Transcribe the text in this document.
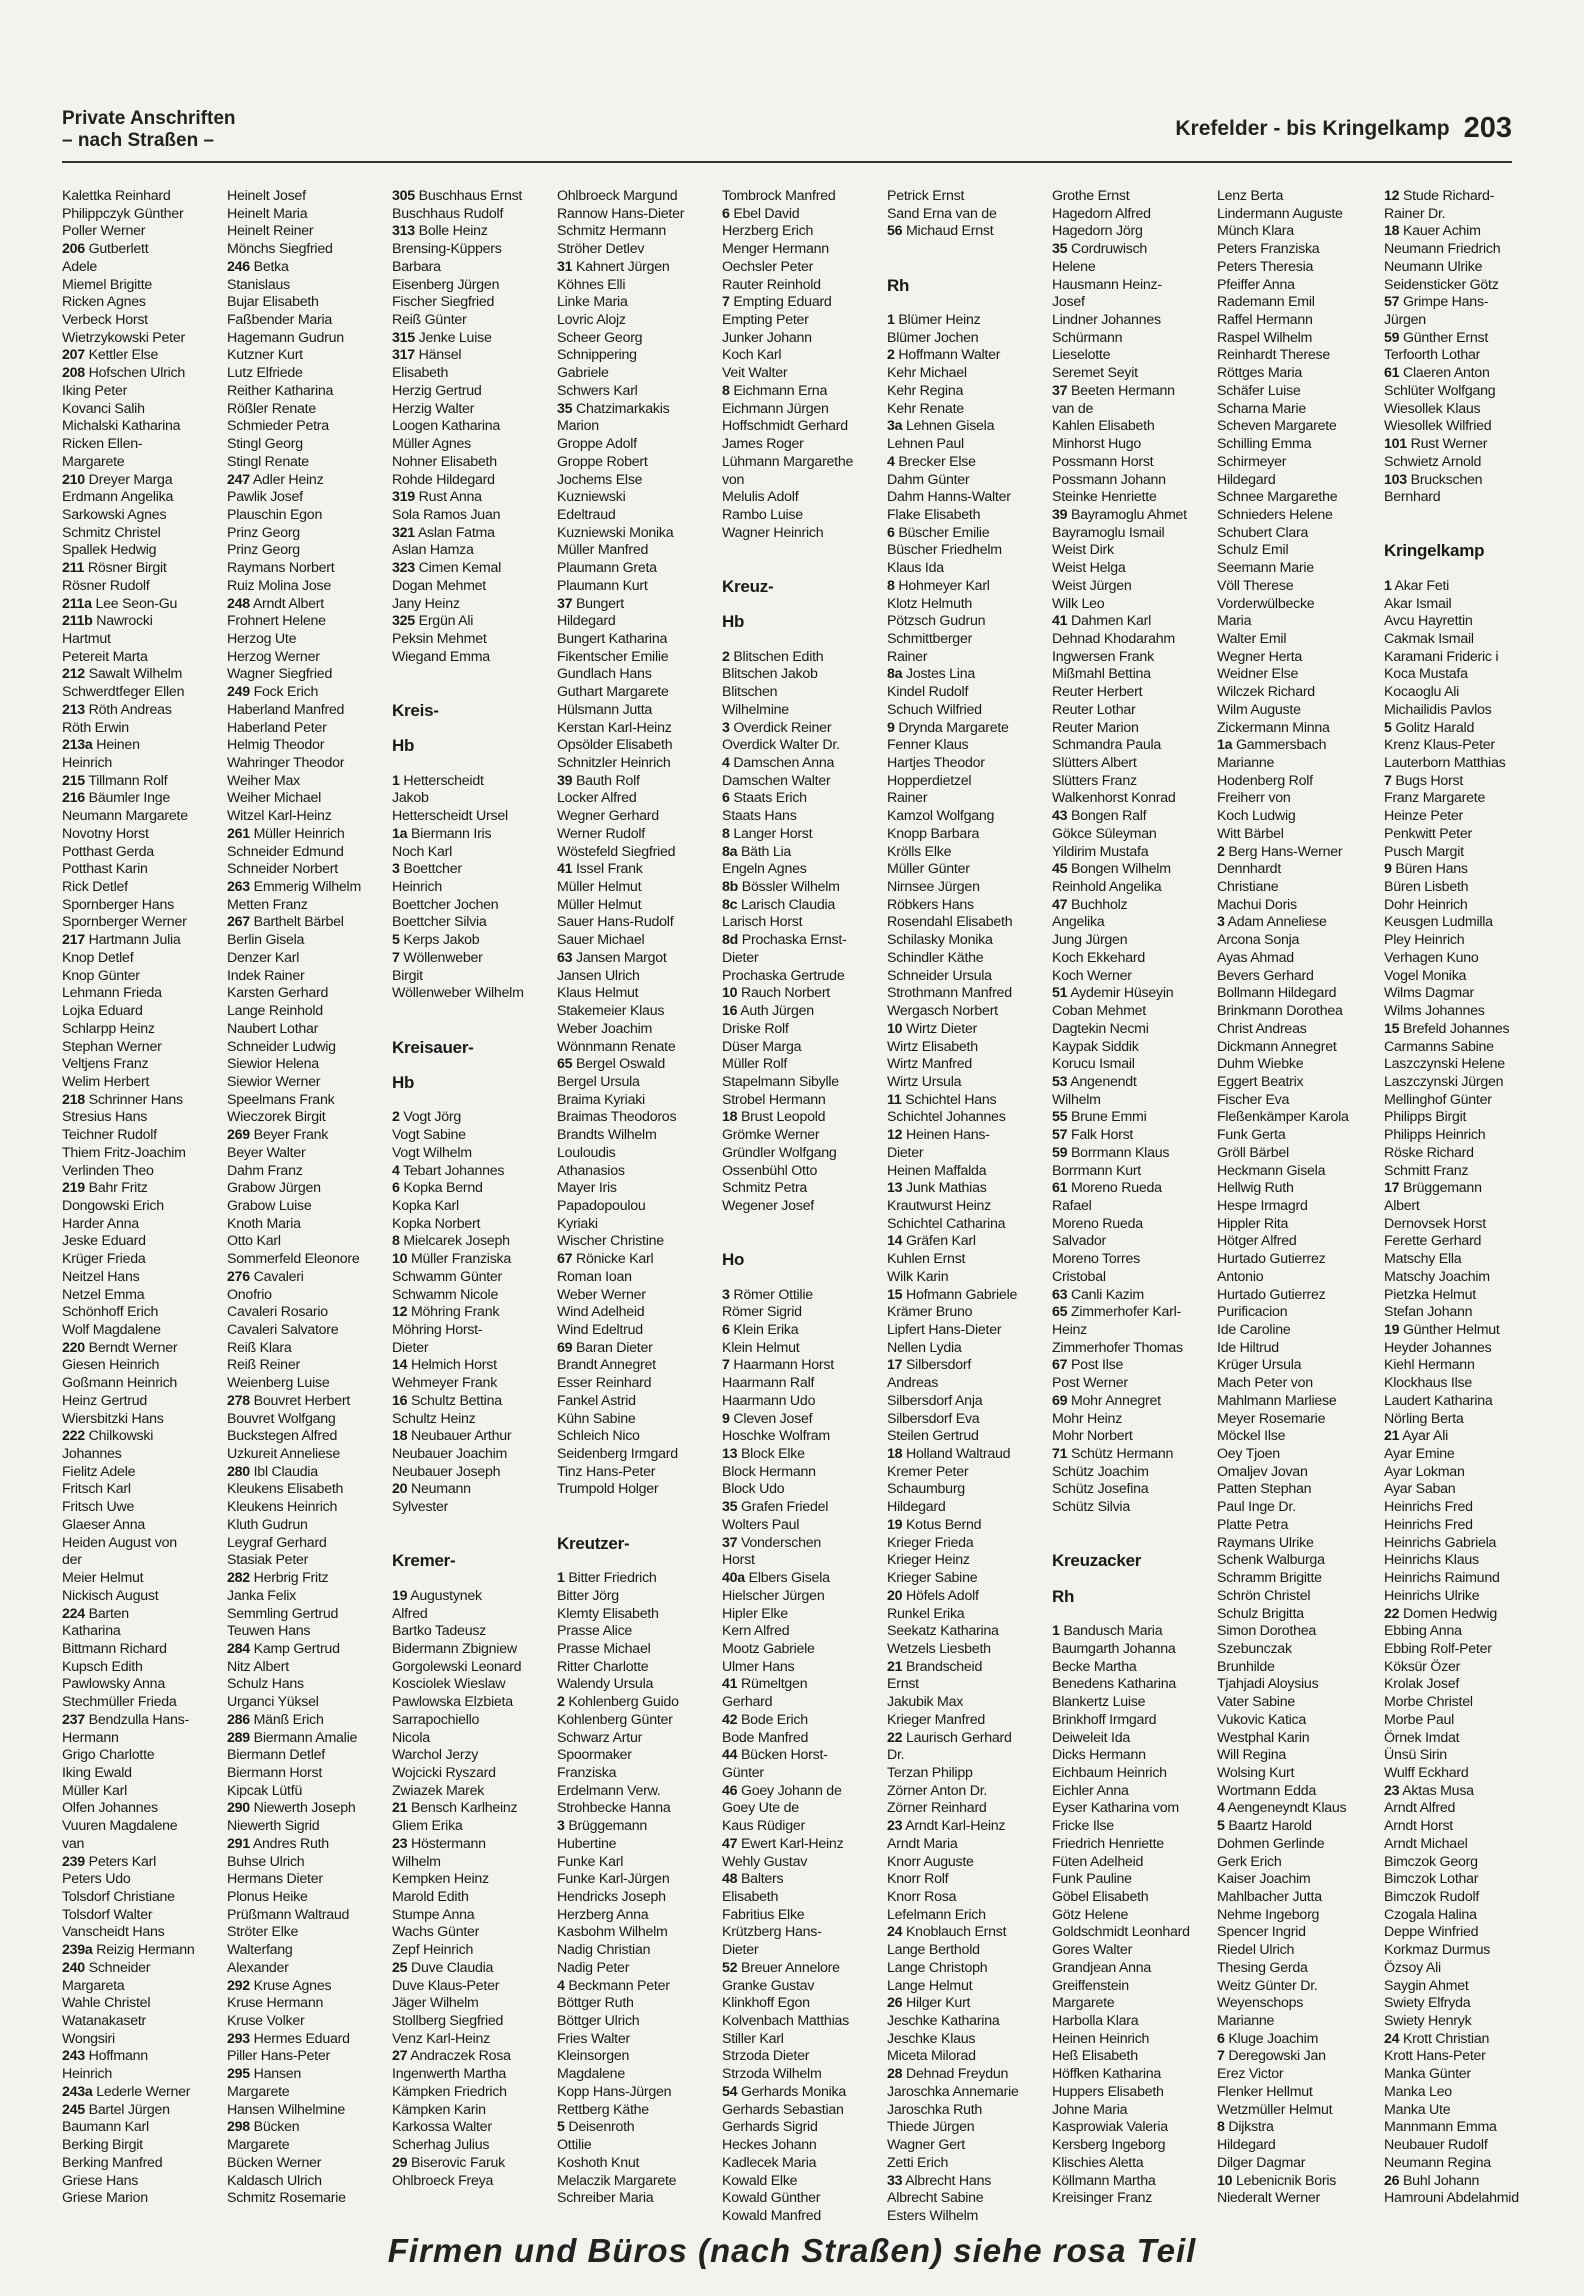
Private Anschriften
– nach Straßen –
Krefelder - bis Kringelkamp 203
Kalettka Reinhard
Philippczyk Günther
Poller Werner
206 Gutberlett
Adele
Miemel Brigitte
Ricken Agnes
Verbeck Horst
Wietrzykowski Peter
207 Kettler Else
208 Hofschen Ulrich
Iking Peter
Kovanci Salih
Michalski Katharina
Ricken Ellen-
Margarete
210 Dreyer Marga
Erdmann Angelika
Sarkowski Agnes
Schmitz Christel
Spallek Hedwig
211 Rösner Birgit
Rösner Rudolf
211a Lee Seon-Gu
211b Nawrocki
Hartmut
Petereit Marta
212 Sawalt Wilhelm
Schwerdtfeger Ellen
213 Röth Andreas
Röth Erwin
213a Heinen
Heinrich
215 Tillmann Rolf
216 Bäumler Inge
Neumann Margarete
Novotny Horst
Potthast Gerda
Potthast Karin
Rick Detlef
Spornberger Hans
Spornberger Werner
217 Hartmann Julia
Knop Detlef
Knop Günter
Lehmann Frieda
Lojka Eduard
Schlarpp Heinz
Stephan Werner
Veltjens Franz
Welim Herbert
218 Schrinner Hans
Stresius Hans
Teichner Rudolf
Thiem Fritz-Joachim
Verlinden Theo
219 Bahr Fritz
Dongowski Erich
Harder Anna
Jeske Eduard
Krüger Frieda
Neitzel Hans
Netzel Emma
Schönhoff Erich
Wolf Magdalene
220 Berndt Werner
Giesen Heinrich
Goßmann Heinrich
Heinz Gertrud
Wiersbitzki Hans
222 Chilkowski
Johannes
Fielitz Adele
Fritsch Karl
Fritsch Uwe
Glaeser Anna
Heiden August von
der
Meier Helmut
Nickisch August
224 Barten
Katharina
Bittmann Richard
Kupsch Edith
Pawlowsky Anna
Stechmüller Frieda
237 Bendzulla Hans-
Hermann
Grigo Charlotte
Iking Ewald
Müller Karl
Olfen Johannes
Vuuren Magdalene
van
239 Peters Karl
Peters Udo
Tolsdorf Christiane
Tolsdorf Walter
Vanscheidt Hans
239a Reizig Hermann
240 Schneider
Margareta
Wahle Christel
Watanakasetr
Wongsiri
243 Hoffmann
Heinrich
243a Lederle Werner
245 Bartel Jürgen
Baumann Karl
Berking Birgit
Berking Manfred
Griese Hans
Griese Marion
Heinelt Josef
Heinelt Maria
Heinelt Reiner
Mönchs Siegfried
246 Betka
Stanislaus
Bujar Elisabeth
Faßbender Maria
Hagemann Gudrun
Kutzner Kurt
Lutz Elfriede
Reither Katharina
Rößler Renate
Schmieder Petra
Stingl Georg
Stingl Renate
247 Adler Heinz
Pawlik Josef
Plauschin Egon
Prinz Georg
Prinz Georg
Raymans Norbert
Ruiz Molina Jose
248 Arndt Albert
Frohnert Helene
Herzog Ute
Herzog Werner
Wagner Siegfried
249 Fock Erich
Haberland Manfred
Haberland Peter
Helmig Theodor
Wahringer Theodor
Weiher Max
Weiher Michael
Witzel Karl-Heinz
261 Müller Heinrich
Schneider Edmund
Schneider Norbert
263 Emmerig Wilhelm
Metten Franz
267 Barthelt Bärbel
Berlin Gisela
Denzer Karl
Indek Rainer
Karsten Gerhard
Lange Reinhold
Naubert Lothar
Schneider Ludwig
Siewior Helena
Siewior Werner
Speelmans Frank
Wieczorek Birgit
269 Beyer Frank
Beyer Walter
Dahm Franz
Grabow Jürgen
Grabow Luise
Knoth Maria
Otto Karl
Sommerfeld Eleonore
276 Cavaleri
Onofrio
Cavaleri Rosario
Cavaleri Salvatore
Reiß Klara
Reiß Reiner
Weienberg Luise
278 Bouvret Herbert
Bouvret Wolfgang
Buckstegen Alfred
Uzkureit Anneliese
280 Ibl Claudia
Kleukens Elisabeth
Kleukens Heinrich
Kluth Gudrun
Leygraf Gerhard
Stasiak Peter
282 Herbrig Fritz
Janka Felix
Semmling Gertrud
Teuwen Hans
284 Kamp Gertrud
Nitz Albert
Schulz Hans
Urganci Yüksel
286 Mänß Erich
289 Biermann Amalie
Biermann Detlef
Biermann Horst
Kipcak Lütfü
290 Niewerth Joseph
Niewerth Sigrid
291 Andres Ruth
Buhse Ulrich
Hermans Dieter
Plonus Heike
Prüßmann Waltraud
Ströter Elke
Walterfang
Alexander
292 Kruse Agnes
Kruse Hermann
Kruse Volker
293 Hermes Eduard
Piller Hans-Peter
295 Hansen
Margarete
Hansen Wilhelmine
298 Bücken
Margarete
Bücken Werner
Kaldasch Ulrich
Schmitz Rosemarie
305 Buschhaus Ernst
Buschhaus Rudolf
313 Bolle Heinz
Brensing-Küppers
Barbara
Eisenberg Jürgen
Fischer Siegfried
Reiß Günter
315 Jenke Luise
317 Hänsel
Elisabeth
Herzig Gertrud
Herzig Walter
Loogen Katharina
Müller Agnes
Nohner Elisabeth
Rohde Hildegard
319 Rust Anna
Sola Ramos Juan
321 Aslan Fatma
Aslan Hamza
323 Cimen Kemal
Dogan Mehmet
Jany Heinz
325 Ergün Ali
Peksin Mehmet
Wiegand Emma
Kreis-
Hb
1 Hetterscheidt
Jakob
Hetterscheidt Ursel
1a Biermann Iris
Noch Karl
3 Boettcher
Heinrich
Boettcher Jochen
Boettcher Silvia
5 Kerps Jakob
7 Wöllenweber
Birgit
Wöllenweber Wilhelm
Kreisauer-
Hb
2 Vogt Jörg
Vogt Sabine
Vogt Wilhelm
4 Tebart Johannes
6 Kopka Bernd
Kopka Karl
Kopka Norbert
8 Mielcarek Joseph
10 Müller Franziska
Schwamm Günter
Schwamm Nicole
12 Möhring Frank
Möhring Horst-
Dieter
14 Helmich Horst
Wehmeyer Frank
16 Schultz Bettina
Schultz Heinz
18 Neubauer Arthur
Neubauer Joachim
Neubauer Joseph
20 Neumann
Sylvester
Kremer-
19 Augustynek
Alfred
Bartko Tadeusz
Bidermann Zbigniew
Gorgolewski Leonard
Kosciolek Wieslaw
Pawlowska Elzbieta
Sarrapochiello
Nicola
Warchol Jerzy
Wojcicki Ryszard
Zwiazek Marek
21 Bensch Karlheinz
Gliem Erika
23 Höstermann
Wilhelm
Kempken Heinz
Marold Edith
Stumpe Anna
Wachs Günter
Zepf Heinrich
25 Duve Claudia
Duve Klaus-Peter
Jäger Wilhelm
Stollberg Siegfried
Venz Karl-Heinz
27 Andraczek Rosa
Ingenwerth Martha
Kämpken Friedrich
Kämpken Karin
Karkossa Walter
Scherhag Julius
29 Biserovic Faruk
Ohlbroeck Freya
Ohlbroeck Margund
Rannow Hans-Dieter
Schmitz Hermann
Ströher Detlev
31 Kahnert Jürgen
Köhnes Elli
Linke Maria
Lovric Alojz
Scheer Georg
Schnippering
Gabriele
Schwers Karl
35 Chatzimarkakis
Marion
Groppe Adolf
Groppe Robert
Jochems Else
Kuzniewski
Edeltraud
Kuzniewski Monika
Müller Manfred
Plaumann Greta
Plaumann Kurt
37 Bungert
Hildegard
Bungert Katharina
Fikentscher Emilie
Gundlach Hans
Guthart Margarete
Hülsmann Jutta
Kerstan Karl-Heinz
Opsölder Elisabeth
Schnitzler Heinrich
39 Bauth Rolf
Locker Alfred
Wegner Gerhard
Werner Rudolf
Wöstefeld Siegfried
41 Issel Frank
Müller Helmut
Müller Helmut
Sauer Hans-Rudolf
Sauer Michael
63 Jansen Margot
Jansen Ulrich
Klaus Helmut
Stakemeier Klaus
Weber Joachim
Wönnmann Renate
65 Bergel Oswald
Bergel Ursula
Braima Kyriaki
Braimas Theodoros
Brandts Wilhelm
Louloudis
Athanasios
Mayer Iris
Papadopoulou
Kyriaki
Wischer Christine
67 Rönicke Karl
Roman Ioan
Weber Werner
Wind Adelheid
Wind Edeltrud
69 Baran Dieter
Brandt Annegret
Esser Reinhard
Fankel Astrid
Kühn Sabine
Schleich Nico
Seidenberg Irmgard
Tinz Hans-Peter
Trumpold Holger
Kreutzer-
1 Bitter Friedrich
Bitter Jörg
Klemty Elisabeth
Prasse Alice
Prasse Michael
Ritter Charlotte
Walendy Ursula
2 Kohlenberg Guido
Kohlenberg Günter
Schwarz Artur
Spoormaker
Franziska
Erdelmann Verw.
Strohbecke Hanna
3 Brüggemann
Hubertine
Funke Karl
Funke Karl-Jürgen
Hendricks Joseph
Herzberg Anna
Kasbohm Wilhelm
Nadig Christian
Nadig Peter
4 Beckmann Peter
Böttger Ruth
Böttger Ulrich
Fries Walter
Kleinsorgen
Magdalene
Kopp Hans-Jürgen
Rettberg Käthe
5 Deisenroth
Ottilie
Koshoth Knut
Melaczik Margarete
Schreiber Maria
Tombrock Manfred
6 Ebel David
Herzberg Erich
Menger Hermann
Oechsler Peter
Rauter Reinhold
7 Empting Eduard
Empting Peter
Junker Johann
Koch Karl
Veit Walter
8 Eichmann Erna
Eichmann Jürgen
Hoffschmidt Gerhard
James Roger
Lühmann Margarethe
von
Melulis Adolf
Rambo Luise
Wagner Heinrich
Kreuz-
Hb
2 Blitschen Edith
Blitschen Jakob
Blitschen
Wilhelmine
3 Overdick Reiner
Overdick Walter Dr.
4 Damschen Anna
Damschen Walter
6 Staats Erich
Staats Hans
8 Langer Horst
8a Bäth Lia
Engeln Agnes
8b Bössler Wilhelm
8c Larisch Claudia
Larisch Horst
8d Prochaska Ernst-
Dieter
Prochaska Gertrude
10 Rauch Norbert
16 Auth Jürgen
Driske Rolf
Düser Marga
Müller Rolf
Stapelmann Sibylle
Strobel Hermann
18 Brust Leopold
Grömke Werner
Gründler Wolfgang
Ossenbühl Otto
Schmitz Petra
Wegener Josef
Ho
3 Römer Ottilie
Römer Sigrid
6 Klein Erika
Klein Helmut
7 Haarmann Horst
Haarmann Ralf
Haarmann Udo
9 Cleven Josef
Hoschke Wolfram
13 Block Elke
Block Hermann
Block Udo
35 Grafen Friedel
Wolters Paul
37 Vonderschen
Horst
40a Elbers Gisela
Hielscher Jürgen
Hipler Elke
Kern Alfred
Mootz Gabriele
Ulmer Hans
41 Rümeltgen
Gerhard
42 Bode Erich
Bode Manfred
44 Bücken Horst-
Günter
46 Goey Johann de
Goey Ute de
Kaus Rüdiger
47 Ewert Karl-Heinz
Wehly Gustav
48 Balters
Elisabeth
Fabritius Elke
Krützberg Hans-
Dieter
52 Breuer Annelore
Granke Gustav
Klinkhoff Egon
Kolvenbach Matthias
Stiller Karl
Strzoda Dieter
Strzoda Wilhelm
54 Gerhards Monika
Gerhards Sebastian
Gerhards Sigrid
Heckes Johann
Kadlecek Maria
Kowald Elke
Kowald Günther
Kowald Manfred
Petrick Ernst
Sand Erna van de
56 Michaud Ernst
Rh
1 Blümer Heinz
Blümer Jochen
2 Hoffmann Walter
Kehr Michael
Kehr Regina
Kehr Renate
3a Lehnen Gisela
Lehnen Paul
4 Brecker Else
Dahm Günter
Dahm Hanns-Walter
Flake Elisabeth
6 Büscher Emilie
Büscher Friedhelm
Klaus Ida
8 Hohmeyer Karl
Klotz Helmuth
Pötzsch Gudrun
Schmittberger
Rainer
8a Jostes Lina
Kindel Rudolf
Schuch Wilfried
9 Dryndа Margarete
Fenner Klaus
Hartjes Theodor
Hopperdietzel
Rainer
Kamzol Wolfgang
Knopp Barbara
Krölls Elke
Müller Günter
Nirnsee Jürgen
Röbkers Hans
Rosendahl Elisabeth
Schilasky Monika
Schindler Käthe
Schneider Ursula
Strothmann Manfred
Wergasch Norbert
10 Wirtz Dieter
Wirtz Elisabeth
Wirtz Manfred
Wirtz Ursula
11 Schichtel Hans
Schichtel Johannes
12 Heinen Hans-
Dieter
Heinen Maffalda
13 Junk Mathias
Krautwurst Heinz
Schichtel Catharina
14 Gräfen Karl
Kuhlen Ernst
Wilk Karin
15 Hofmann Gabriele
Krämer Bruno
Lipfert Hans-Dieter
Nellen Lydia
17 Silbersdorf
Andreas
Silbersdorf Anja
Silbersdorf Eva
Steilen Gertrud
18 Holland Waltraud
Kremer Peter
Schaumburg
Hildegard
19 Kotus Bernd
Krieger Frieda
Krieger Heinz
Krieger Sabine
20 Höfels Adolf
Runkel Erika
Seekatz Katharina
Wetzels Liesbeth
21 Brandscheid
Ernst
Jakubik Max
Krieger Manfred
22 Laurisch Gerhard
Dr.
Terzan Philipp
Zörner Anton Dr.
Zörner Reinhard
23 Arndt Karl-Heinz
Arndt Maria
Knorr Auguste
Knorr Rolf
Knorr Rosa
Lefelmann Erich
24 Knoblauch Ernst
Lange Berthold
Lange Christoph
Lange Helmut
26 Hilger Kurt
Jeschke Katharina
Jeschke Klaus
Miceta Milorad
28 Dehnad Freydun
Jaroschka Annemarie
Jaroschka Ruth
Thiede Jürgen
Wagner Gert
Zetti Erich
33 Albrecht Hans
Albrecht Sabine
Esters Wilhelm
Grothe Ernst
Hagedorn Alfred
Hagedorn Jörg
35 Cordruwisch
Helene
Hausmann Heinz-
Josef
Lindner Johannes
Schürmann
Lieselotte
Seremet Seyit
37 Beeten Hermann
van de
Kahlen Elisabeth
Minhorst Hugo
Possmann Horst
Possmann Johann
Steinke Henriette
39 Bayramoglu Ahmet
Bayramoglu Ismail
Weist Dirk
Weist Helga
Weist Jürgen
Wilk Leo
41 Dahmen Karl
Dehnad Khodarahm
Ingwersen Frank
Mißmahl Bettina
Reuter Herbert
Reuter Lothar
Reuter Marion
Schmandra Paula
Slütters Albert
Slütters Franz
Walkenhorst Konrad
43 Bongen Ralf
Gökce Süleyman
Yildirim Mustafa
45 Bongen Wilhelm
Reinhold Angelika
47 Buchholz
Angelika
Jung Jürgen
Koch Ekkehard
Koch Werner
51 Aydemir Hüseyin
Coban Mehmet
Dagtekin Necmi
Kaypak Siddik
Korucu Ismail
53 Angenendt
Wilhelm
55 Brune Emmi
57 Falk Horst
59 Borrmann Klaus
Borrmann Kurt
61 Moreno Rueda
Rafael
Moreno Rueda
Salvador
Moreno Torres
Cristobal
63 Canli Kazim
65 Zimmerhofer Karl-
Heinz
Zimmerhofer Thomas
67 Post Ilse
Post Werner
69 Mohr Annegret
Mohr Heinz
Mohr Norbert
71 Schütz Hermann
Schütz Joachim
Schütz Josefina
Schütz Silvia
Kreuzacker
Rh
1 Bandusch Maria
Baumgarth Johanna
Becke Martha
Benedens Katharina
Blankertz Luise
Brinkhoff Irmgard
Deiweleit Ida
Dicks Hermann
Eichbaum Heinrich
Eichler Anna
Eyser Katharina vom
Fricke Ilse
Friedrich Henriette
Füten Adelheid
Funk Pauline
Göbel Elisabeth
Götz Helene
Goldschmidt Leonhard
Gores Walter
Grandjean Anna
Greiffenstein
Margarete
Harbolla Klara
Heinen Heinrich
Heß Elisabeth
Höffken Katharina
Huppers Elisabeth
Johne Maria
Kasprowiak Valeria
Kersberg Ingeborg
Klischies Aletta
Köllmann Martha
Kreisinger Franz
Lenz Berta
Lindermann Auguste
Münch Klara
Peters Franziska
Peters Theresia
Pfeiffer Anna
Rademann Emil
Raffel Hermann
Raspel Wilhelm
Reinhardt Therese
Röttges Maria
Schäfer Luise
Scharna Marie
Scheven Margarete
Schilling Emma
Schirmeyer
Hildegard
Schnee Margarethe
Schnieders Helene
Schubert Clara
Schulz Emil
Seemann Marie
Völl Therese
Vorderwülbecke
Maria
Walter Emil
Wegner Herta
Weidner Else
Wilczek Richard
Wilm Auguste
Zickermann Minna
1a Gammersbach
Marianne
Hodenberg Rolf
Freiherr von
Koch Ludwig
Witt Bärbel
2 Berg Hans-Werner
Dennhardt
Christiane
Machui Doris
3 Adam Anneliese
Arcona Sonja
Ayas Ahmad
Bevers Gerhard
Bollmann Hildegard
Brinkmann Dorothea
Christ Andreas
Dickmann Annegret
Duhm Wiebke
Eggert Beatrix
Fischer Eva
Fleßenkämper Karola
Funk Gerta
Gröll Bärbel
Heckmann Gisela
Hellwig Ruth
Hespe Irmagrd
Hippler Rita
Hötger Alfred
Hurtado Gutierrez
Antonio
Hurtado Gutierrez
Purificacion
Ide Caroline
Ide Hiltrud
Krüger Ursula
Mach Peter von
Mahlmann Marliese
Meyer Rosemarie
Möckel Ilse
Oey Tjoen
Omaljev Jovan
Patten Stephan
Paul Inge Dr.
Platte Petra
Raymans Ulrike
Schenk Walburga
Schramm Brigitte
Schrön Christel
Schulz Brigitta
Simon Dorothea
Szebunczak
Brunhilde
Tjahjadi Aloysius
Vater Sabine
Vukovic Katica
Westphal Karin
Will Regina
Wolsing Kurt
Wortmann Edda
4 Aengeneyndt Klaus
5 Baartz Harold
Dohmen Gerlinde
Gerk Erich
Kaiser Joachim
Mahlbacher Jutta
Nehme Ingeborg
Spencer Ingrid
Riedel Ulrich
Thesing Gerda
Weitz Günter Dr.
Weyenschops
Marianne
6 Kluge Joachim
7 Deregowski Jan
Erez Victor
Flenker Hellmut
Wetzmüller Helmut
8 Dijkstra
Hildegard
Dilger Dagmar
10 Lebenicnik Boris
Niederalt Werner
12 Stude Richard-
Rainer Dr.
18 Kauer Achim
Neumann Friedrich
Neumann Ulrike
Seidensticker Götz
57 Grimpe Hans-
Jürgen
59 Günther Ernst
Terfoorth Lothar
61 Claeren Anton
Schlüter Wolfgang
Wiesollek Klaus
Wiesollek Wilfried
101 Rust Werner
Schwietz Arnold
103 Bruckschen
Bernhard
Kringelkamp
1 Akar Feti
Akar Ismail
Avcu Hayrettin
Cakmak Ismail
Karamani Frideric i
Koca Mustafa
Kocaoglu Ali
Michailidis Pavlos
5 Golitz Harald
Krenz Klaus-Peter
Lauterborn Matthias
7 Bugs Horst
Franz Margarete
Heinze Peter
Penkwitt Peter
Pusch Margit
9 Büren Hans
Büren Lisbeth
Dohr Heinrich
Keusgen Ludmilla
Pley Heinrich
Verhagen Kuno
Vogel Monika
Wilms Dagmar
Wilms Johannes
15 Brefeld Johannes
Carmanns Sabine
Laszczynski Helene
Laszczynski Jürgen
Mellinghof Günter
Philipps Birgit
Philipps Heinrich
Röske Richard
Schmitt Franz
17 Brüggemann
Albert
Dernovsek Horst
Ferette Gerhard
Matschy Ella
Matschy Joachim
Pietzka Helmut
Stefan Johann
19 Günther Helmut
Heyder Johannes
Kiehl Hermann
Klockhaus Ilse
Laudert Katharina
Nörling Berta
21 Ayar Ali
Ayar Emine
Ayar Lokman
Ayar Saban
Heinrichs Fred
Heinrichs Fred
Heinrichs Gabriela
Heinrichs Klaus
Heinrichs Raimund
Heinrichs Ulrike
22 Domen Hedwig
Ebbing Anna
Ebbing Rolf-Peter
Köksür Özer
Krolak Josef
Morbe Christel
Morbe Paul
Örnek Imdat
Ünsü Sirin
Wulff Eckhard
23 Aktas Musa
Arndt Alfred
Arndt Horst
Arndt Michael
Bimczok Georg
Bimczok Lothar
Bimczok Rudolf
Czogala Halina
Deppe Winfried
Korkmaz Durmus
Özsoy Ali
Saygin Ahmet
Swiety Elfryda
Swiety Henryk
24 Krott Christian
Krott Hans-Peter
Manka Günter
Manka Leo
Manka Ute
Mannmann Emma
Neubauer Rudolf
Neumann Regina
26 Buhl Johann
Hamrouni Abdelahmid
Firmen und Büros (nach Straßen) siehe rosa Teil
